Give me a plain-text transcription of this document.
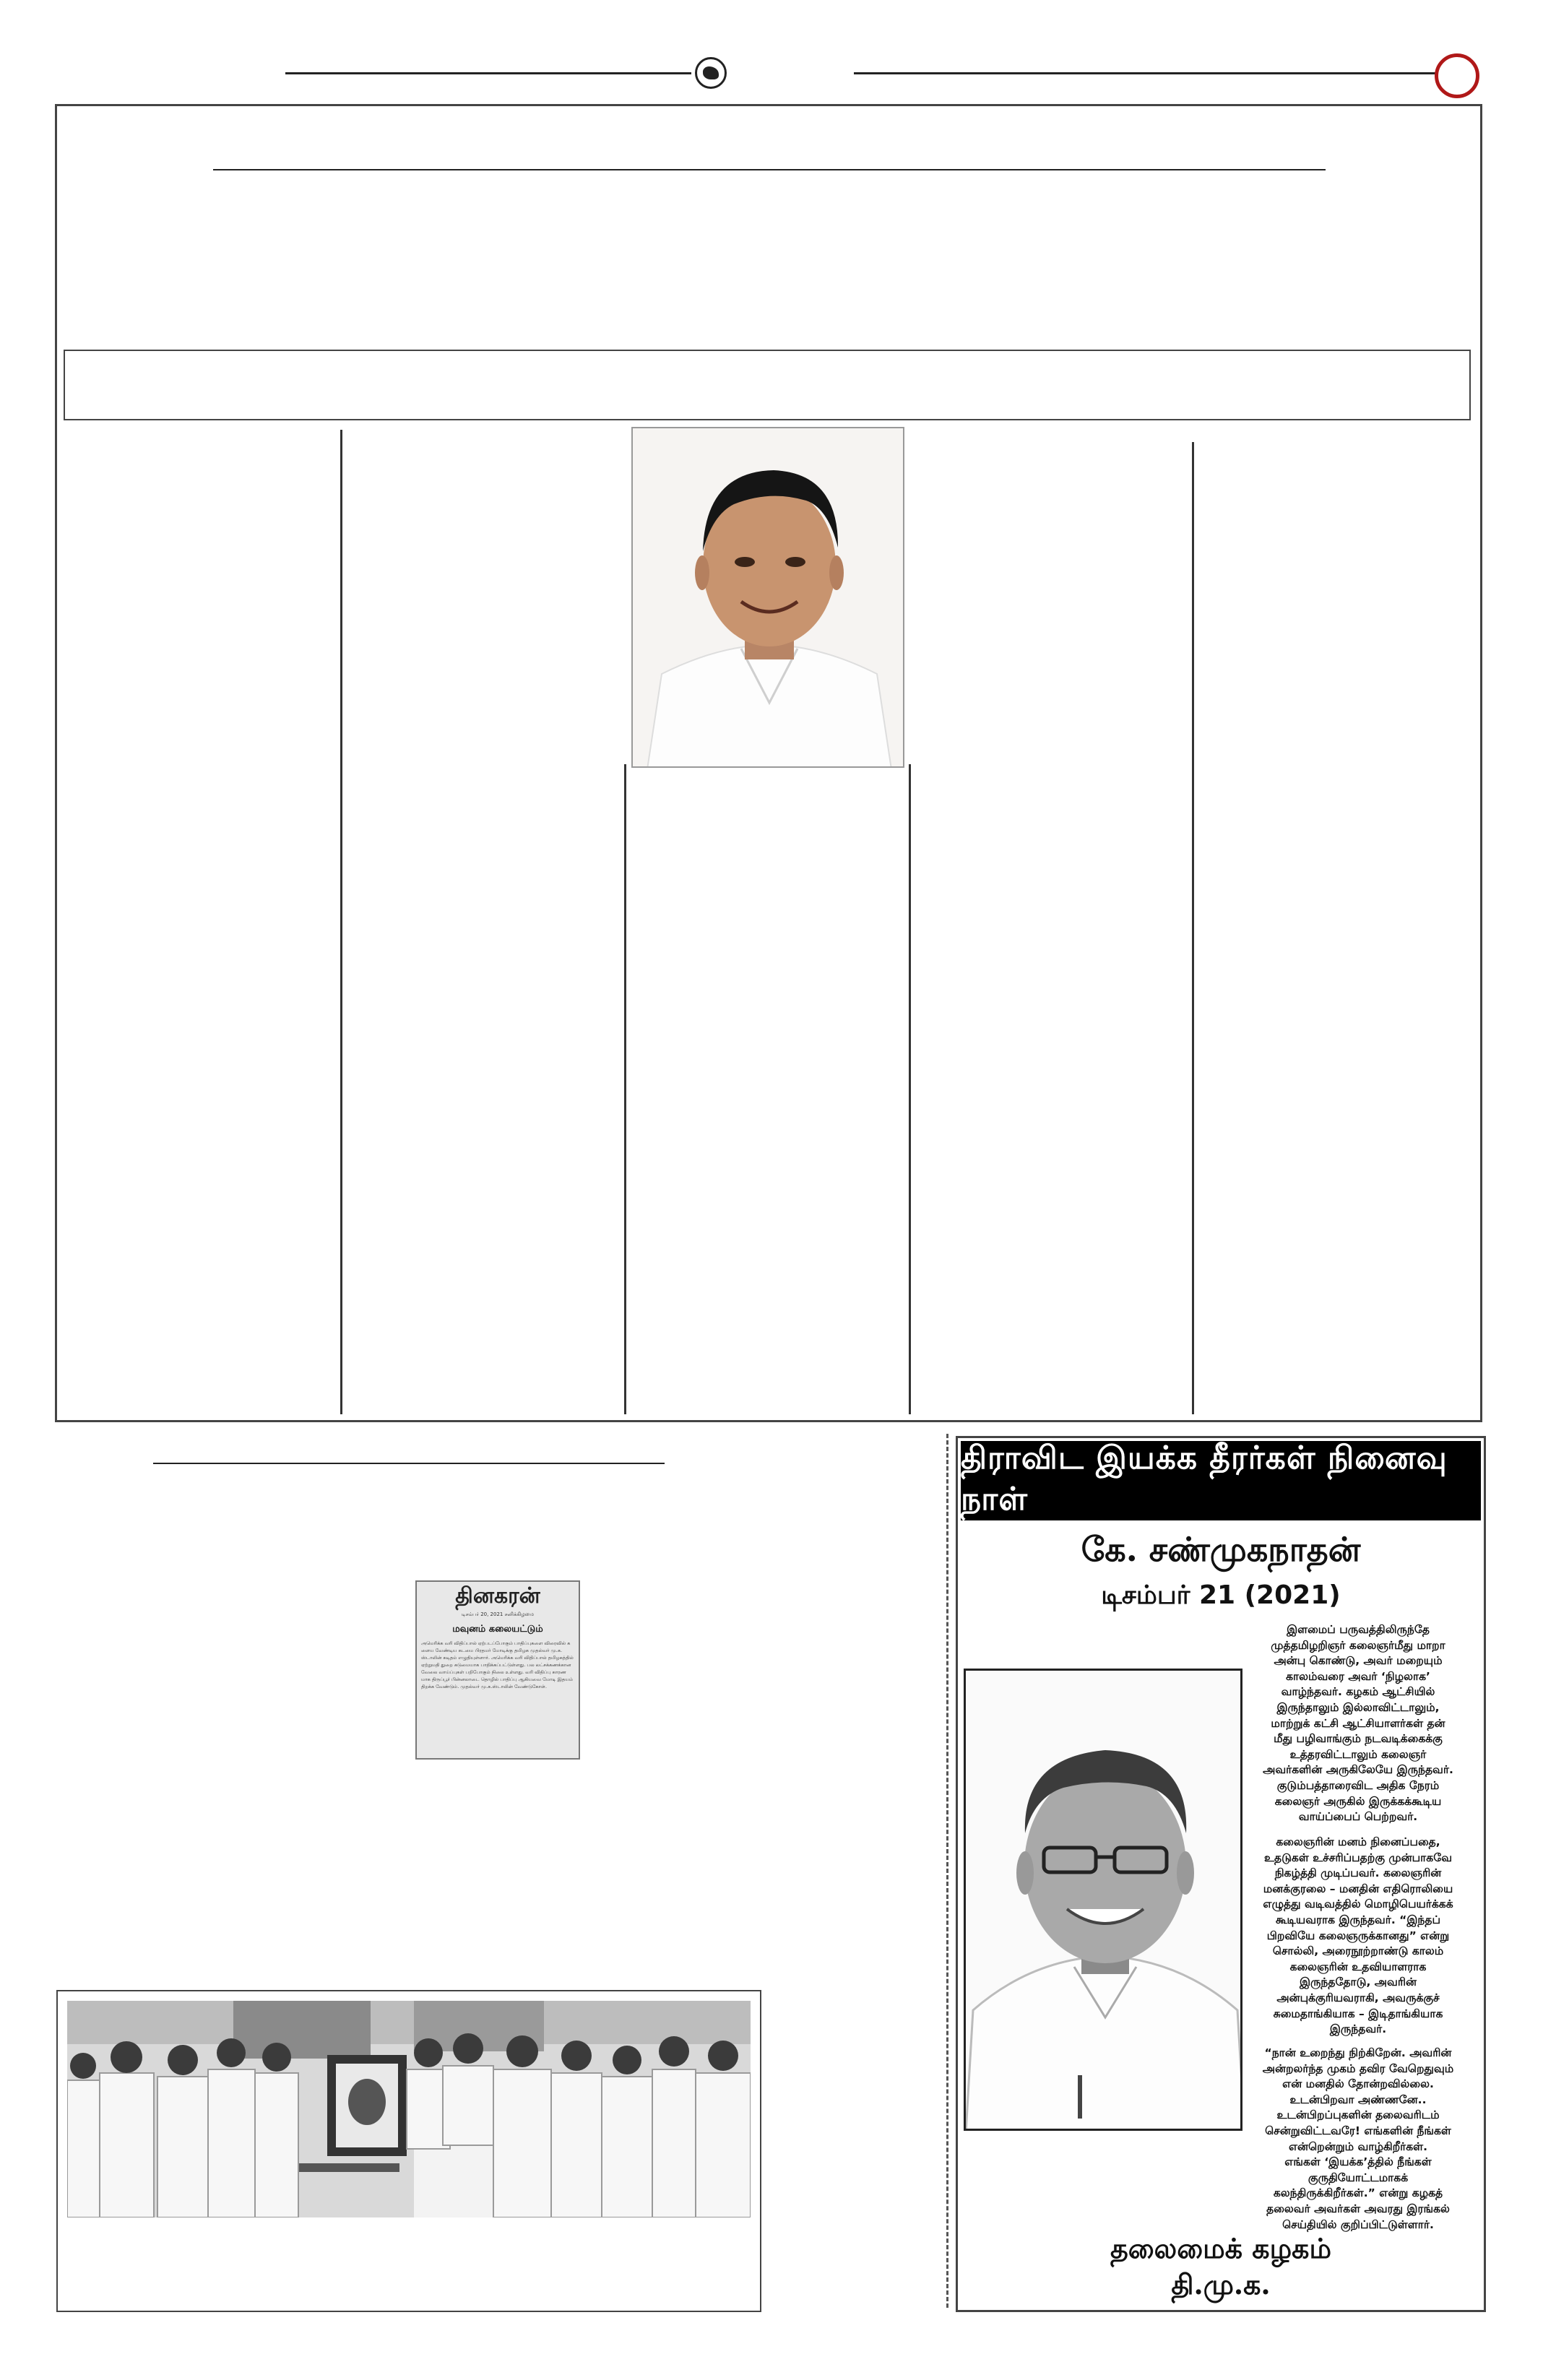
தினகரன்
டிசம்பர் 20, 2021 சனிக்கிழமை
மவுனம் கலையட்டும்
அமெரிக்க வரி விதிப்பால் ஏற்படப்போகும் பாதிப்புகளை விரைவில் களைய வேண்டிய கடமை பிரதமர் மோடிக்கு தமிழக முதல்வர் மு.க.ஸ்டாலின் கடிதம் எழுதியுள்ளார். அமெரிக்க வரி விதிப்பால் தமிழகத்தில் ஏற்றுமதி துறை கடுமையாக பாதிக்கப்பட்டுள்ளது. பல லட்சக்கணக்கான வேலை வாய்ப்புகள் பறிபோகும் நிலை உள்ளது. வரி விதிப்பு காரணமாக திருப்பூர் பின்னலாடை தொழில் பாதிப்பு ஆகியவை மோடி இதயம் திறக்க வேண்டும். முதல்வர் மு.க.ஸ்டாலின் வேண்டுகோள்.
திராவிட இயக்க தீரர்கள் நினைவு நாள்
கே. சண்முகநாதன்
டிசம்பர் 21 (2021)
இளமைப் பருவத்திலிருந்தே
முத்தமிழறிஞர் கலைஞர்மீது மாறா
அன்பு கொண்டு, அவர் மறையும்
காலம்வரை அவர் ‘நிழலாக’
வாழ்ந்தவர். கழகம் ஆட்சியில்
இருந்தாலும் இல்லாவிட்டாலும்,
மாற்றுக் கட்சி ஆட்சியாளர்கள் தன்
மீது பழிவாங்கும் நடவடிக்கைக்கு
உத்தரவிட்டாலும் கலைஞர்
அவர்களின் அருகிலேயே இருந்தவர்.
குடும்பத்தாரைவிட அதிக நேரம்
கலைஞர் அருகில் இருக்கக்கூடிய
வாய்ப்பைப் பெற்றவர்.
கலைஞரின் மனம் நினைப்பதை,
உதடுகள் உச்சரிப்பதற்கு முன்பாகவே
நிகழ்த்தி முடிப்பவர். கலைஞரின்
மனக்குரலை – மனதின் எதிரொலியை
எழுத்து வடிவத்தில் மொழிபெயர்க்கக்
கூடியவராக இருந்தவர். “இந்தப்
பிறவியே கலைஞருக்கானது” என்று
சொல்லி, அரைநூற்றாண்டு காலம்
கலைஞரின் உதவியாளராக
இருந்ததோடு, அவரின்
அன்புக்குரியவராகி, அவருக்குச்
சுமைதாங்கியாக – இடிதாங்கியாக
இருந்தவர்.
“நான் உறைந்து நிற்கிறேன். அவரின்
அன்றலர்ந்த முகம் தவிர வேறெதுவும்
என் மனதில் தோன்றவில்லை.
உடன்பிறவா அண்ணனே..
உடன்பிறப்புகளின் தலைவரிடம்
சென்றுவிட்டவரே! எங்களின் நீங்கள்
என்றென்றும் வாழ்கிறீர்கள்.
எங்கள் ‘இயக்க’த்தில் நீங்கள்
குருதியோட்டமாகக்
கலந்திருக்கிறீர்கள்.” என்று கழகத்
தலைவர் அவர்கள் அவரது இரங்கல்
செய்தியில் குறிப்பிட்டுள்ளார்.
தலைமைக் கழகம்
தி.மு.க.
